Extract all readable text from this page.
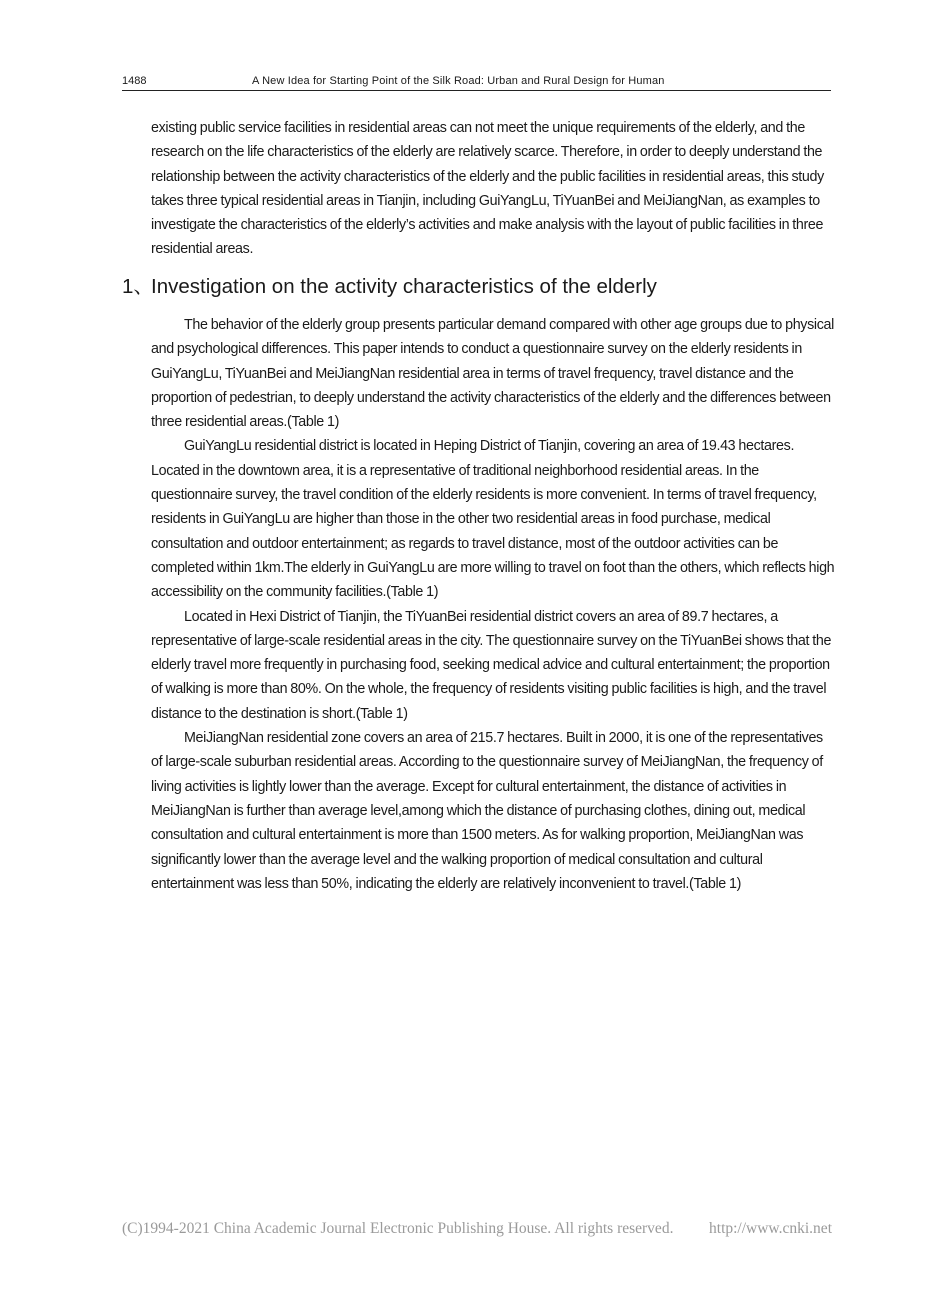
1488	A New Idea for Starting Point of the Silk Road: Urban and Rural Design for Human

existing public service facilities in residential areas can not meet the unique requirements of the elderly, and the research on the life characteristics of the elderly are relatively scarce. Therefore, in order to deeply understand the relationship between the activity characteristics of the elderly and the public facilities in residential areas, this study takes three typical residential areas in Tianjin, including GuiYangLu, TiYuanBei and MeiJiangNan, as examples to investigate the characteristics of the elderly’s activities and make analysis with the layout of public facilities in three residential areas.

1、Investigation on the activity characteristics of the elderly

The behavior of the elderly group presents particular demand compared with other age groups due to physical and psychological differences. This paper intends to conduct a questionnaire survey on the elderly residents in GuiYangLu, TiYuanBei and MeiJiangNan residential area in terms of travel frequency, travel distance and the proportion of pedestrian, to deeply understand the activity characteristics of the elderly and the differences between three residential areas.(Table 1)

GuiYangLu residential district is located in Heping District of Tianjin, covering an area of 19.43 hectares. Located in the downtown area, it is a representative of traditional neighborhood residential areas. In the questionnaire survey, the travel condition of the elderly residents is more convenient. In terms of travel frequency, residents in GuiYangLu are higher than those in the other two residential areas in food purchase, medical consultation and outdoor entertainment; as regards to travel distance, most of the outdoor activities can be completed within 1km.The elderly in GuiYangLu are more willing to travel on foot than the others, which reflects high accessibility on the community facilities.(Table 1)

Located in Hexi District of Tianjin, the TiYuanBei residential district covers an area of 89.7 hectares, a representative of large-scale residential areas in the city. The questionnaire survey on the TiYuanBei shows that the elderly travel more frequently in purchasing food, seeking medical advice and cultural entertainment; the proportion of walking is more than 80%. On the whole, the frequency of residents visiting public facilities is high, and the travel distance to the destination is short.(Table 1)

MeiJiangNan residential zone covers an area of 215.7 hectares. Built in 2000, it is one of the representatives of large-scale suburban residential areas. According to the questionnaire survey of MeiJiangNan, the frequency of living activities is lightly lower than the average. Except for cultural entertainment, the distance of activities in MeiJiangNan is further than average level,among which the distance of purchasing clothes, dining out, medical consultation and cultural entertainment is more than 1500 meters. As for walking proportion, MeiJiangNan was significantly lower than the average level and the walking proportion of medical consultation and cultural entertainment was less than 50%, indicating the elderly are relatively inconvenient to travel.(Table 1)

(C)1994-2021 China Academic Journal Electronic Publishing House. All rights reserved. http://www.cnki.net
